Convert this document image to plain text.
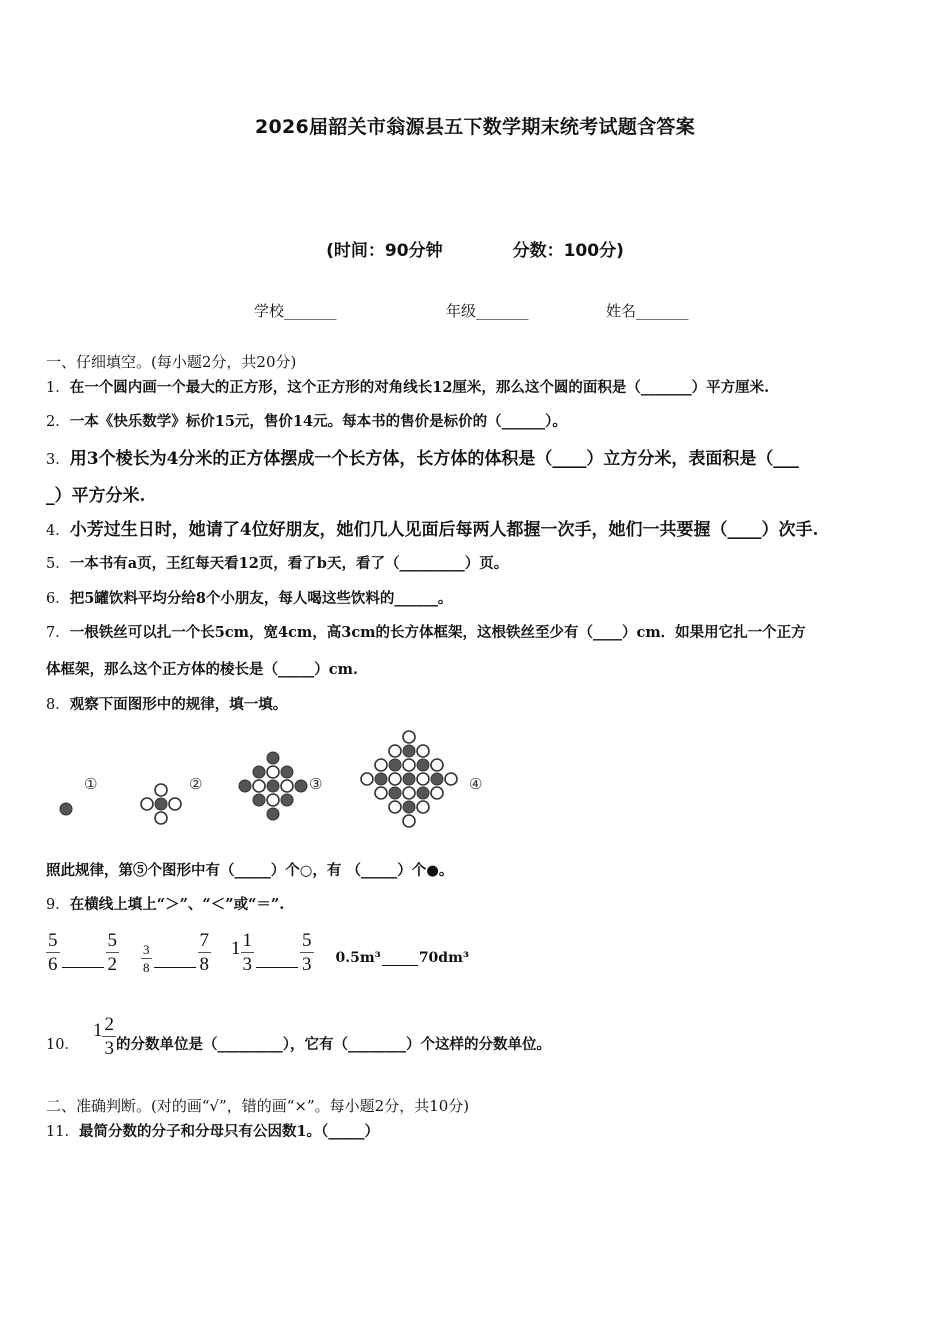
2026届韶关市翁源县五下数学期末统考试题含答案
(时间：90分钟	分数：100分)
学校_______	年级_______	姓名_______
一、仔细填空。(每小题2分，共20分)
1．在一个圆内画一个最大的正方形，这个正方形的对角线长12厘米，那么这个圆的面积是（_______）平方厘米.
2．一本《快乐数学》标价15元，售价14元。每本书的售价是标价的（______）。
3．用3个棱长为4分米的正方体摆成一个长方体，长方体的体积是（____）立方分米，表面积是（___
_）平方分米.
4．小芳过生日时，她请了4位好朋友，她们几人见面后每两人都握一次手，她们一共要握（____）次手.
5．一本书有a页，王红每天看12页，看了b天，看了（_________）页。
6．把5罐饮料平均分给8个小朋友，每人喝这些饮料的______。
7．一根铁丝可以扎一个长5cm，宽4cm，高3cm的长方体框架，这根铁丝至少有（____）cm．如果用它扎一个正方
体框架，那么这个正方体的棱长是（_____）cm.
8．观察下面图形中的规律，填一填。
①	②	③	④
照此规律，第⑤个图形中有（_____）个○，有 （_____）个●。
9．在横线上填上“＞”、“＜”或“＝”.
$\frac{5}{6} \frac{5}{2} \frac{3}{8} \frac{7}{8} 1 \frac{1}{3} \frac{5}{3} 0.5m^3$	70dm³
10．
$1 \frac{2}{3}$ 的分数单位是（_________），它有（________）个这样的分数单位。
二、准确判断。(对的画“√”，错的画“×”。每小题2分，共10分)
11．最简分数的分子和分母只有公因数1。（_____）
